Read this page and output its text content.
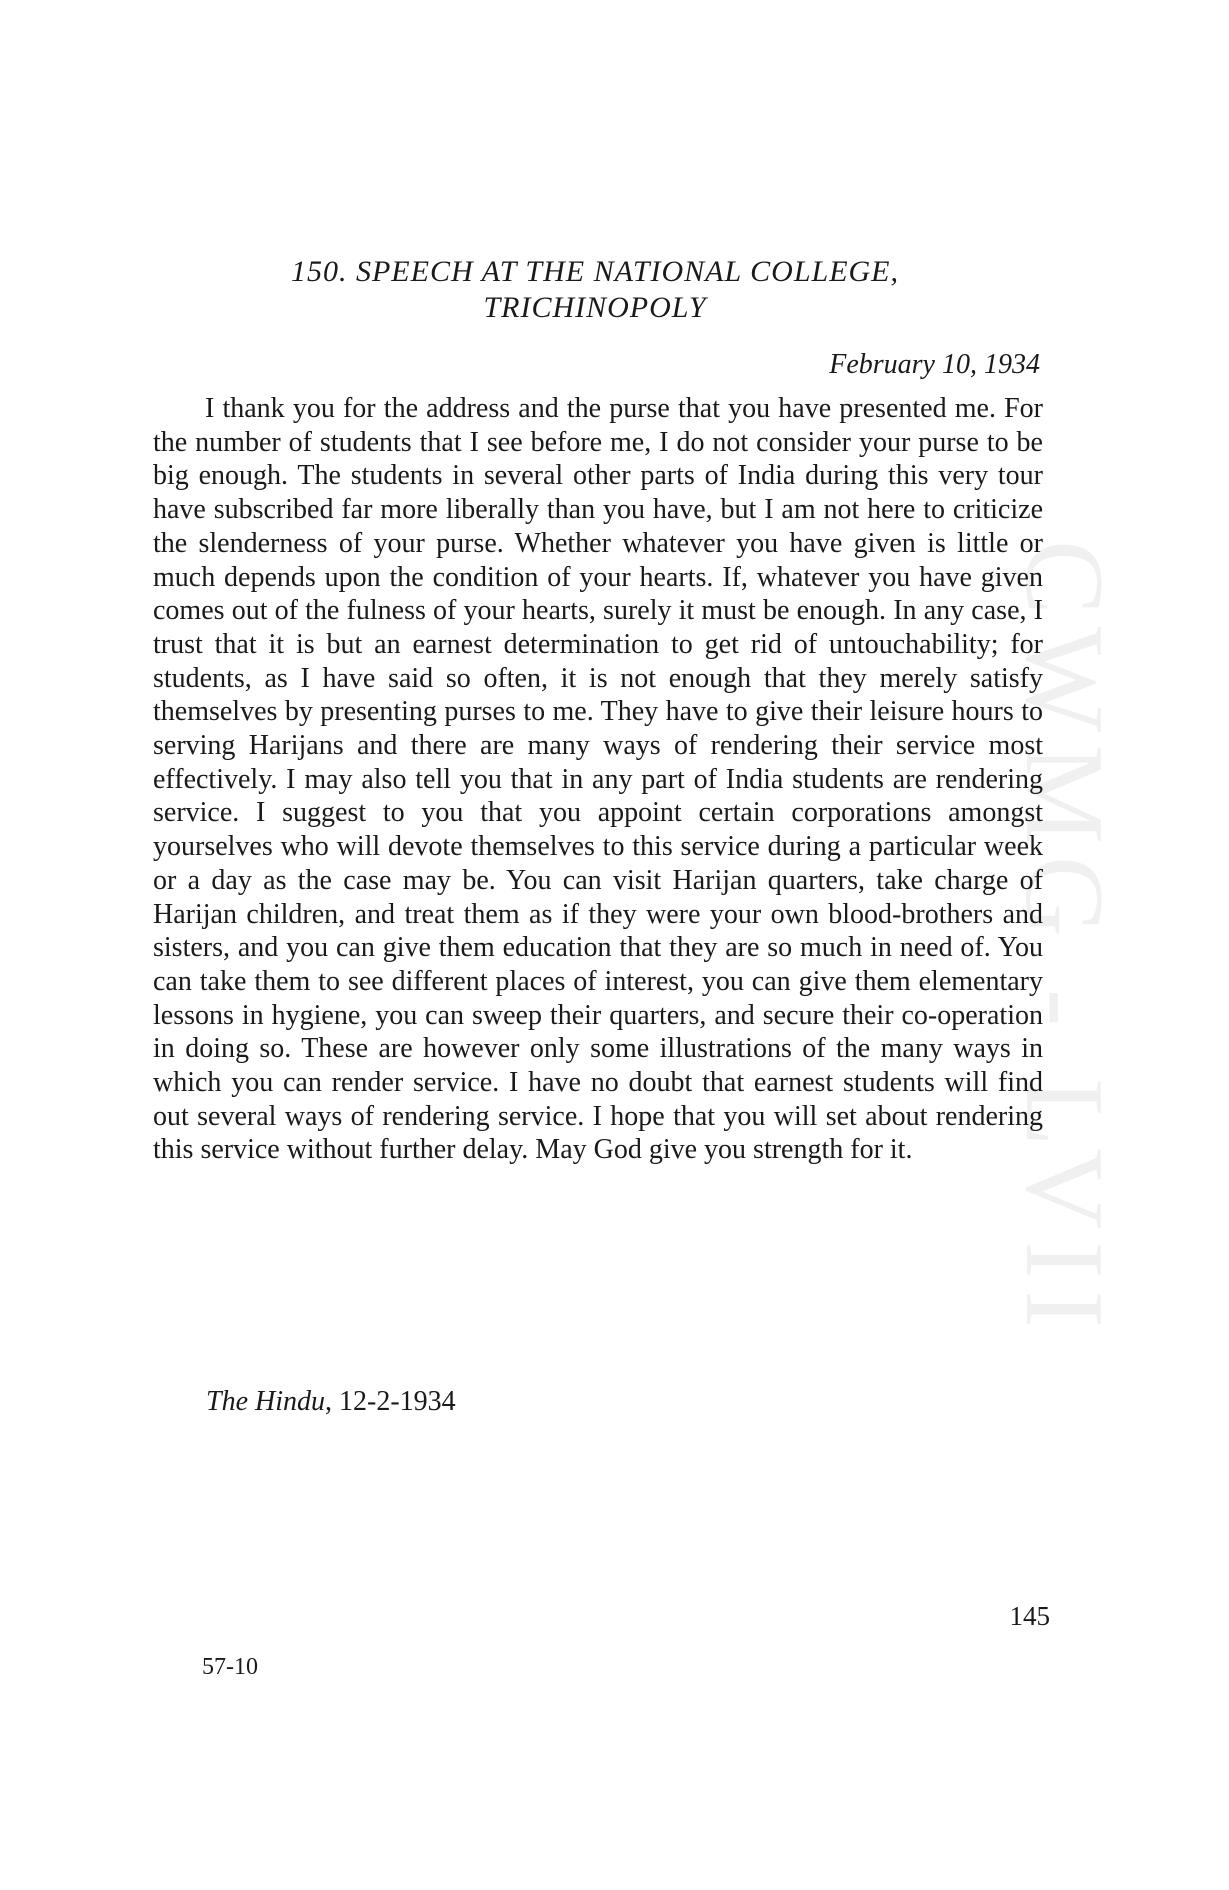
CWMG - LVII
150. SPEECH AT THE NATIONAL COLLEGE,
TRICHINOPOLY
February 10, 1934

I thank you for the address and the purse that you have presented me. For the number of students that I see before me, I do not consider your purse to be big enough. The students in several other parts of India during this very tour have subscribed far more liberally than you have, but I am not here to criticize the slenderness of your purse. Whether whatever you have given is little or much depends upon the condition of your hearts. If, whatever you have given comes out of the fulness of your hearts, surely it must be enough. In any case, I trust that it is but an earnest determination to get rid of untouchability; for students, as I have said so often, it is not enough that they merely satisfy themselves by presenting purses to me. They have to give their leisure hours to serving Harijans and there are many ways of rendering their service most effectively. I may also tell you that in any part of India students are rendering service. I suggest to you that you appoint certain corporations amongst yourselves who will devote themselves to this service during a particular week or a day as the case may be. You can visit Harijan quarters, take charge of Harijan children, and treat them as if they were your own blood-brothers and sisters, and you can give them education that they are so much in need of. You can take them to see different places of interest, you can give them elementary lessons in hygiene, you can sweep their quarters, and secure their co-operation in doing so. These are however only some illustrations of the many ways in which you can render service. I have no doubt that earnest students will find out several ways of rendering service. I hope that you will set about rendering this service without further delay. May God give you strength for it.

The Hindu, 12-2-1934
145
57-10
